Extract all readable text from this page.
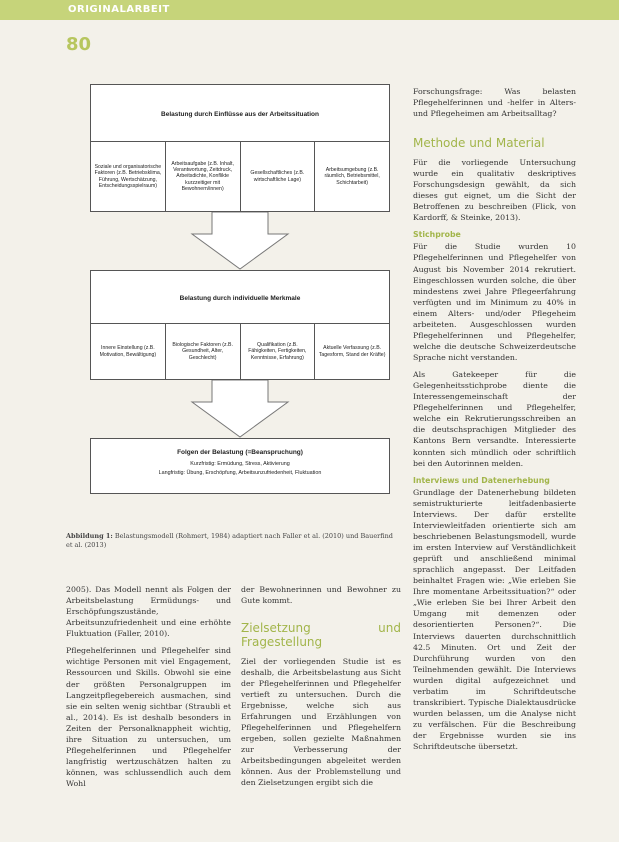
ORIGINALARBEIT
80
Belastung durch Einflüsse aus der Arbeitssituation
Soziale und organisatorische Faktoren (z.B. Betriebsklima, Führung, Wertschätzung, Entscheidungsspielraum)
Arbeitsaufgabe (z.B. Inhalt, Verantwortung, Zeitdruck, Arbeitsdichte, Konflikte kurzzeitiger mit Bewohnern/innen)
Gesellschaftliches (z.B. wirtschaftliche Lage)
Arbeitsumgebung (z.B. räumlich, Betriebsmittel, Schichtarbeit)
Belastung durch individuelle Merkmale
Innere Einstellung (z.B. Motivation, Bewältigung)
Biologische Faktoren (z.B. Gesundheit, Alter, Geschlecht)
Qualifikation (z.B. Fähigkeiten, Fertigkeiten, Kenntnisse, Erfahrung)
Aktuelle Verfassung (z.B. Tagesform, Stand der Kräfte)
Folgen der Belastung (=Beanspruchung)
Kurzfristig: Ermüdung, Stress, Aktivierung
Langfristig: Übung, Erschöpfung, Arbeitsunzufriedenheit, Fluktuation
Abbildung 1: Belastungsmodell (Rohmert, 1984) adaptiert nach Faller et al. (2010) und Bauerfind et al. (2013)

2005). Das Modell nennt als Folgen der Arbeitsbelastung Ermüdungs- und Erschöpfungszustände, Arbeitsunzufriedenheit und eine erhöhte Fluktuation (Faller, 2010).

Pflegehelferinnen und Pflegehelfer sind wichtige Personen mit viel Engagement, Ressourcen und Skills. Obwohl sie eine der größten Personalgruppen im Langzeitpflegebereich ausmachen, sind sie ein selten wenig sichtbar (Straubli et al., 2014). Es ist deshalb besonders in Zeiten der Personalknappheit wichtig, ihre Situation zu untersuchen, um Pflegehelferinnen und Pflegehelfer langfristig wertzuschätzen halten zu können, was schlussendlich auch dem Wohl

der Bewohnerinnen und Bewohner zu Gute kommt.

Zielsetzung und Fragestellung

Ziel der vorliegenden Studie ist es deshalb, die Arbeitsbelastung aus Sicht der Pflegehelferinnen und Pflegehelfer vertieft zu untersuchen. Durch die Ergebnisse, welche sich aus Erfahrungen und Erzählungen von Pflegehelferinnen und Pflegehelfern ergeben, sollen gezielte Maßnahmen zur Verbesserung der Arbeitsbedingungen abgeleitet werden können. Aus der Problemstellung und den Zielsetzungen ergibt sich die

Forschungsfrage: Was belasten Pflegehelferinnen und -helfer in Alters- und Pflegeheimen am Arbeitsalltag?

Methode und Material

Für die vorliegende Untersuchung wurde ein qualitativ deskriptives Forschungsdesign gewählt, da sich dieses gut eignet, um die Sicht der Betroffenen zu beschreiben (Flick, von Kardorff, & Steinke, 2013).

Stichprobe

Für die Studie wurden 10 Pflegehelferinnen und Pflegehelfer von August bis November 2014 rekrutiert. Eingeschlossen wurden solche, die über mindestens zwei Jahre Pflegeerfahrung verfügten und im Minimum zu 40% in einem Alters- und/oder Pflegeheim arbeiteten. Ausgeschlossen wurden Pflegehelferinnen und Pflegehelfer, welche die deutsche Schweizerdeutsche Sprache nicht verstanden.

Als Gatekeeper für die Gelegenheitsstichprobe diente die Interessengemeinschaft der Pflegehelferinnen und Pflegehelfer, welche ein Rekrutierungsschreiben an die deutschsprachigen Mitglieder des Kantons Bern versandte. Interessierte konnten sich mündlich oder schriftlich bei den Autorinnen melden.

Interviews und Datenerhebung

Grundlage der Datenerhebung bildeten semistrukturierte leitfadenbasierte Interviews. Der dafür erstellte Interviewleitfaden orientierte sich am beschriebenen Belastungsmodell, wurde im ersten Interview auf Verständlichkeit geprüft und anschließend minimal sprachlich angepasst. Der Leitfaden beinhaltet Fragen wie: „Wie erleben Sie Ihre momentane Arbeitssituation?“ oder „Wie erleben Sie bei Ihrer Arbeit den Umgang mit demenzen oder desorientierten Personen?“. Die Interviews dauerten durchschnittlich 42.5 Minuten. Ort und Zeit der Durchführung wurden von den Teilnehmenden gewählt. Die Interviews wurden digital aufgezeichnet und verbatim im Schriftdeutsche transkribiert. Typische Dialektausdrücke wurden belassen, um die Analyse nicht zu verfälschen. Für die Beschreibung der Ergebnisse wurden sie ins Schriftdeutsche übersetzt.
